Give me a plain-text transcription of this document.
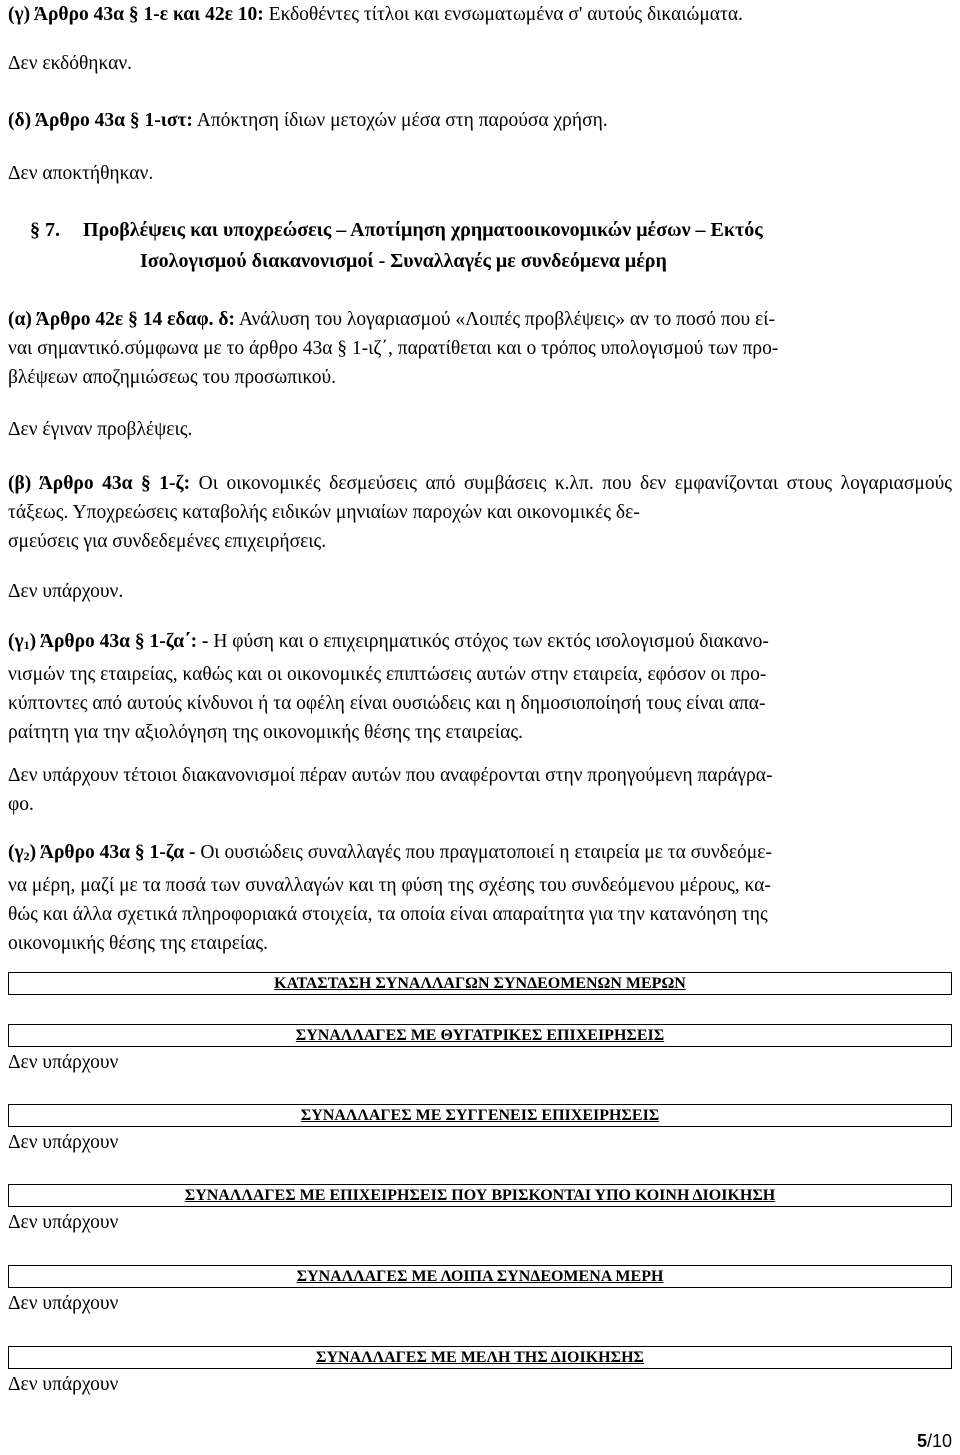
(γ) Άρθρο 43α § 1-ε και 42ε 10: Εκδοθέντες τίτλοι και ενσωματωμένα σ' αυτούς δικαιώματα.

Δεν εκδόθηκαν.

(δ) Άρθρο 43α § 1-ιστ: Απόκτηση ίδιων μετοχών μέσα στη παρούσα χρήση.

Δεν αποκτήθηκαν.

§ 7. Προβλέψεις και υποχρεώσεις – Αποτίμηση χρηματοοικονομικών μέσων – Εκτός
Ισολογισμού διακανονισμοί - Συναλλαγές με συνδεόμενα μέρη

(α) Άρθρο 42ε § 14 εδαφ. δ: Ανάλυση του λογαριασμού «Λοιπές προβλέψεις» αν το ποσό που εί-
ναι σημαντικό.σύμφωνα με το άρθρο 43α § 1-ιζ΄, παρατίθεται και ο τρόπος υπολογισμού των προ-
βλέψεων αποζημιώσεως του προσωπικού.

Δεν έγιναν προβλέψεις.

(β) Άρθρο 43α § 1-ζ: Οι οικονομικές δεσμεύσεις από συμβάσεις κ.λπ. που δεν εμφανίζονται στους λογαριασμούς τάξεως. Υποχρεώσεις καταβολής ειδικών μηνιαίων παροχών και οικονομικές δε-
σμεύσεις για συνδεδεμένες επιχειρήσεις.

Δεν υπάρχουν.

(γ1) Άρθρο 43α § 1-ζα΄: - Η φύση και ο επιχειρηματικός στόχος των εκτός ισολογισμού διακανο-
νισμών της εταιρείας, καθώς και οι οικονομικές επιπτώσεις αυτών στην εταιρεία, εφόσον οι προ-
κύπτοντες από αυτούς κίνδυνοι ή τα οφέλη είναι ουσιώδεις και η δημοσιοποίησή τους είναι απα-
ραίτητη για την αξιολόγηση της οικονομικής θέσης της εταιρείας.

Δεν υπάρχουν τέτοιοι διακανονισμοί πέραν αυτών που αναφέρονται στην προηγούμενη παράγρα-
φο.

(γ2) Άρθρο 43α § 1-ζα - Οι ουσιώδεις συναλλαγές που πραγματοποιεί η εταιρεία με τα συνδεόμε-
να μέρη, μαζί με τα ποσά των συναλλαγών και τη φύση της σχέσης του συνδεόμενου μέρους, κα-
θώς και άλλα σχετικά πληροφοριακά στοιχεία, τα οποία είναι απαραίτητα για την κατανόηση της
οικονομικής θέσης της εταιρείας.

ΚΑΤΑΣΤΑΣΗ ΣΥΝΑΛΛΑΓΩΝ ΣΥΝΔΕΟΜΕΝΩΝ ΜΕΡΩΝ
ΣΥΝΑΛΛΑΓΕΣ ΜΕ ΘΥΓΑΤΡΙΚΕΣ ΕΠΙΧΕΙΡΗΣΕΙΣ
Δεν υπάρχουν
ΣΥΝΑΛΛΑΓΕΣ ΜΕ ΣΥΓΓΕΝΕΙΣ ΕΠΙΧΕΙΡΗΣΕΙΣ
Δεν υπάρχουν
ΣΥΝΑΛΛΑΓΕΣ ΜΕ ΕΠΙΧΕΙΡΗΣΕΙΣ ΠΟΥ ΒΡΙΣΚΟΝΤΑΙ ΥΠΟ ΚΟΙΝΗ ΔΙΟΙΚΗΣΗ
Δεν υπάρχουν
ΣΥΝΑΛΛΑΓΕΣ ΜΕ ΛΟΙΠΑ ΣΥΝΔΕΟΜΕΝΑ ΜΕΡΗ
Δεν υπάρχουν
ΣΥΝΑΛΛΑΓΕΣ ΜΕ ΜΕΛΗ ΤΗΣ ΔΙΟΙΚΗΣΗΣ
Δεν υπάρχουν
5/10
